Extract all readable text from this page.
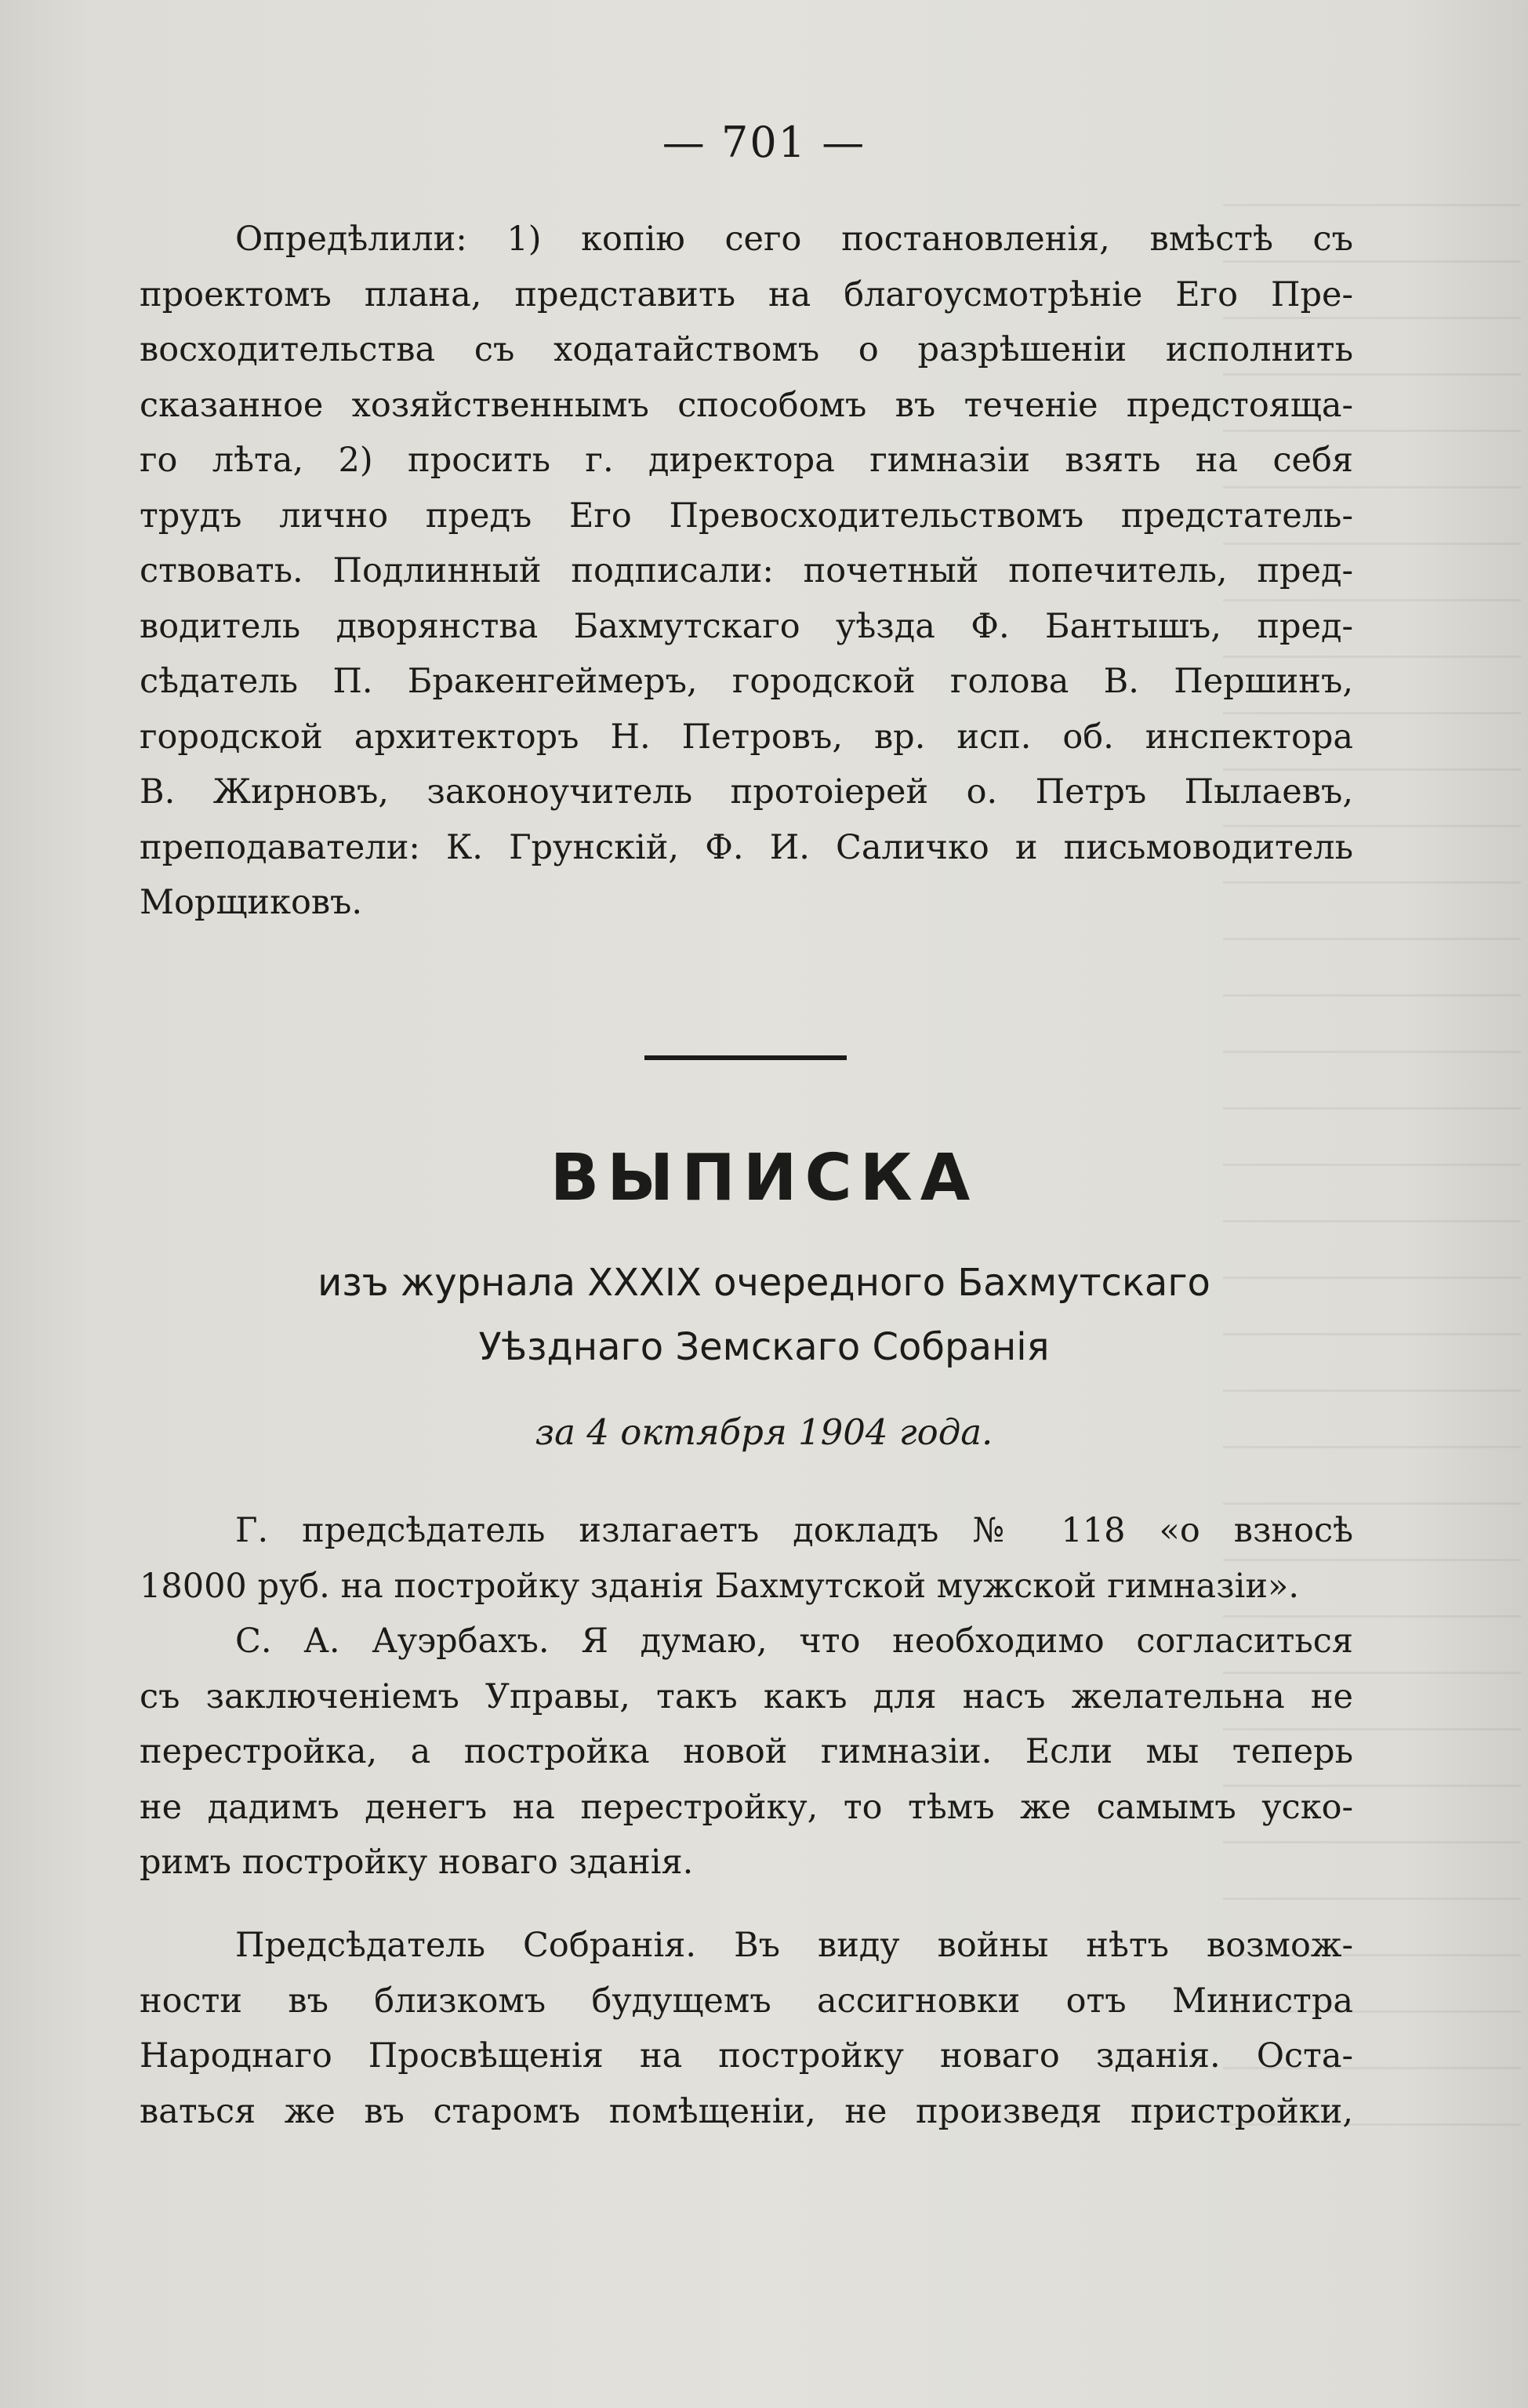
— 701 —
Опредѣлили: 1) копію сего постановленія, вмѣстѣ съ
проектомъ плана, представить на благоусмотрѣніе Его Пре-
восходительства съ ходатайствомъ о разрѣшеніи исполнить
сказанное хозяйственнымъ способомъ въ теченіе предстояща-
го лѣта, 2) просить г. директора гимназіи взять на себя
трудъ лично предъ Его Превосходительствомъ предстатель-
ствовать. Подлинный подписали: почетный попечитель, пред-
водитель дворянства Бахмутскаго уѣзда Ф. Бантышъ, пред-
сѣдатель П. Бракенгеймеръ, городской голова В. Першинъ,
городской архитекторъ Н. Петровъ, вр. исп. об. инспектора
В. Жирновъ, законоучитель протоіерей о. Петръ Пылаевъ,
преподаватели: К. Грунскій, Ф. И. Саличко и письмоводитель
Морщиковъ.
ВЫПИСКА
изъ журнала XXXIX очередного Бахмутскаго
Уѣзднаго Земскаго Собранія
за 4 октября 1904 года.
Г. предсѣдатель излагаетъ докладъ № 118 «о взносѣ
18000 руб. на постройку зданія Бахмутской мужской гимназіи».
С. А. Ауэрбахъ. Я думаю, что необходимо согласиться
съ заключеніемъ Управы, такъ какъ для насъ желательна не
перестройка, а постройка новой гимназіи. Если мы теперь
не дадимъ денегъ на перестройку, то тѣмъ же самымъ уско-
римъ постройку новаго зданія.
Предсѣдатель Собранія. Въ виду войны нѣтъ возмож-
ности въ близкомъ будущемъ ассигновки отъ Министра
Народнаго Просвѣщенія на постройку новаго зданія. Оста-
ваться же въ старомъ помѣщеніи, не произведя пристройки,
